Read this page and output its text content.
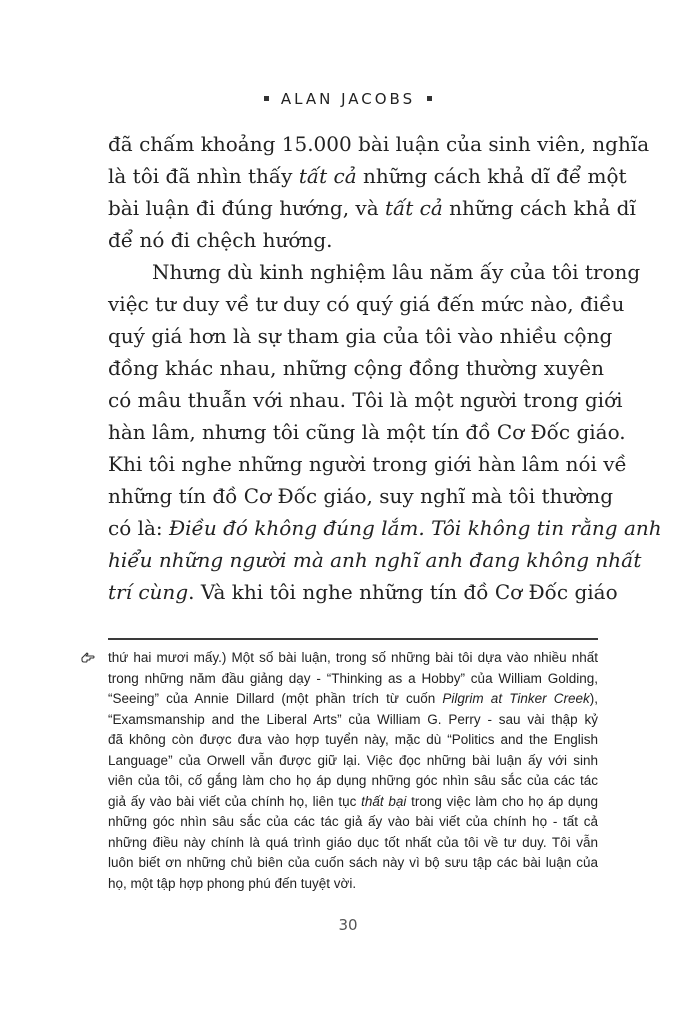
ALAN JACOBS
đã chấm khoảng 15.000 bài luận của sinh viên, nghĩa
là tôi đã nhìn thấy tất cả những cách khả dĩ để một
bài luận đi đúng hướng, và tất cả những cách khả dĩ
để nó đi chệch hướng.
Nhưng dù kinh nghiệm lâu năm ấy của tôi trong
việc tư duy về tư duy có quý giá đến mức nào, điều
quý giá hơn là sự tham gia của tôi vào nhiều cộng
đồng khác nhau, những cộng đồng thường xuyên
có mâu thuẫn với nhau. Tôi là một người trong giới
hàn lâm, nhưng tôi cũng là một tín đồ Cơ Đốc giáo.
Khi tôi nghe những người trong giới hàn lâm nói về
những tín đồ Cơ Đốc giáo, suy nghĩ mà tôi thường
có là: Điều đó không đúng lắm. Tôi không tin rằng anh
hiểu những người mà anh nghĩ anh đang không nhất
trí cùng. Và khi tôi nghe những tín đồ Cơ Đốc giáo
thứ hai mươi mấy.) Một số bài luận, trong số những bài tôi dựa vào nhiều nhất
trong những năm đầu giảng dạy - “Thinking as a Hobby” của William Golding,
“Seeing” của Annie Dillard (một phần trích từ cuốn Pilgrim at Tinker Creek),
“Examsmanship and the Liberal Arts” của William G. Perry - sau vài thập kỷ
đã không còn được đưa vào hợp tuyển này, mặc dù “Politics and the English
Language” của Orwell vẫn được giữ lại. Việc đọc những bài luận ấy với sinh
viên của tôi, cố gắng làm cho họ áp dụng những góc nhìn sâu sắc của các tác
giả ấy vào bài viết của chính họ, liên tục thất bại trong việc làm cho họ áp dụng
những góc nhìn sâu sắc của các tác giả ấy vào bài viết của chính họ - tất cả
những điều này chính là quá trình giáo dục tốt nhất của tôi về tư duy. Tôi vẫn
luôn biết ơn những chủ biên của cuốn sách này vì bộ sưu tập các bài luận của
họ, một tập hợp phong phú đến tuyệt vời.
30
